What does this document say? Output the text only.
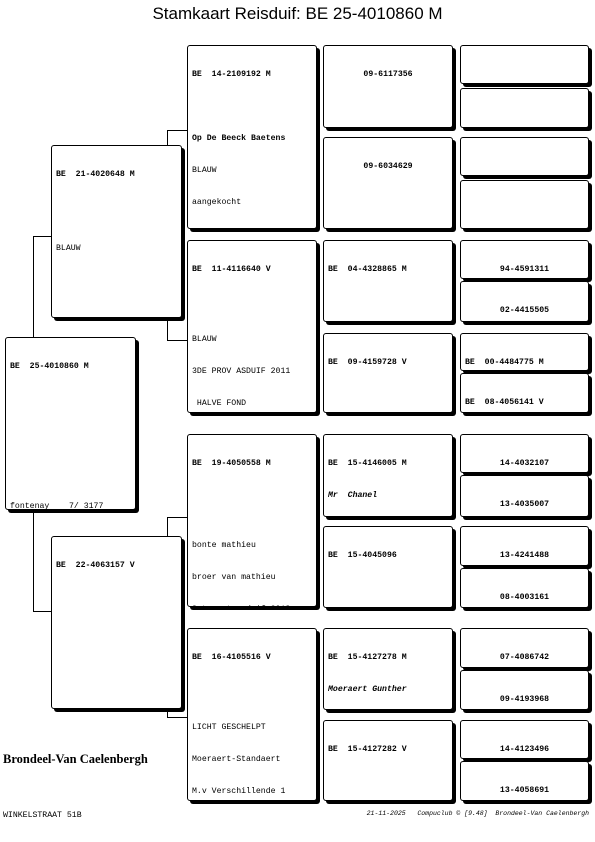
Stamkaart Reisduif: BE 25-4010860 M

BE  25-4010860 M

fontenay    7/ 3177

BE  21-4020648 M

BLAUW

BE  22-4063157 V

BE  14-2109192 M

Op De Beeck Baetens

BLAUW

aangekocht

BE  11-4116640 V

BLAUW

3DE PROV ASDUIF 2011

HALVE FOND

BE  19-4050558 M

bonte mathieu

broer van mathieu

BE  16-4105516 V

LICHT GESCHELPT

Moeraert-Standaert

M.v Verschillende 1

09-6117356

09-6034629

BE  04-4328865 M

BE  09-4159728 V

BE  15-4146005 M

Mr  Chanel

BE  15-4045096

BE  15-4127278 M

Moeraert Gunther

BE  15-4127282 V

94-4591311

02-4415505

BE  00-4484775 M

BE  08-4056141 V

14-4032107

13-4035007

13-4241488

08-4003161

07-4086742

09-4193968

14-4123496

13-4058691

Brondeel-Van Caelenbergh

WINKELSTRAAT 51B

	21-11-2025   Compuclub © [9.48]  Brondeel-Van Caelenbergh
